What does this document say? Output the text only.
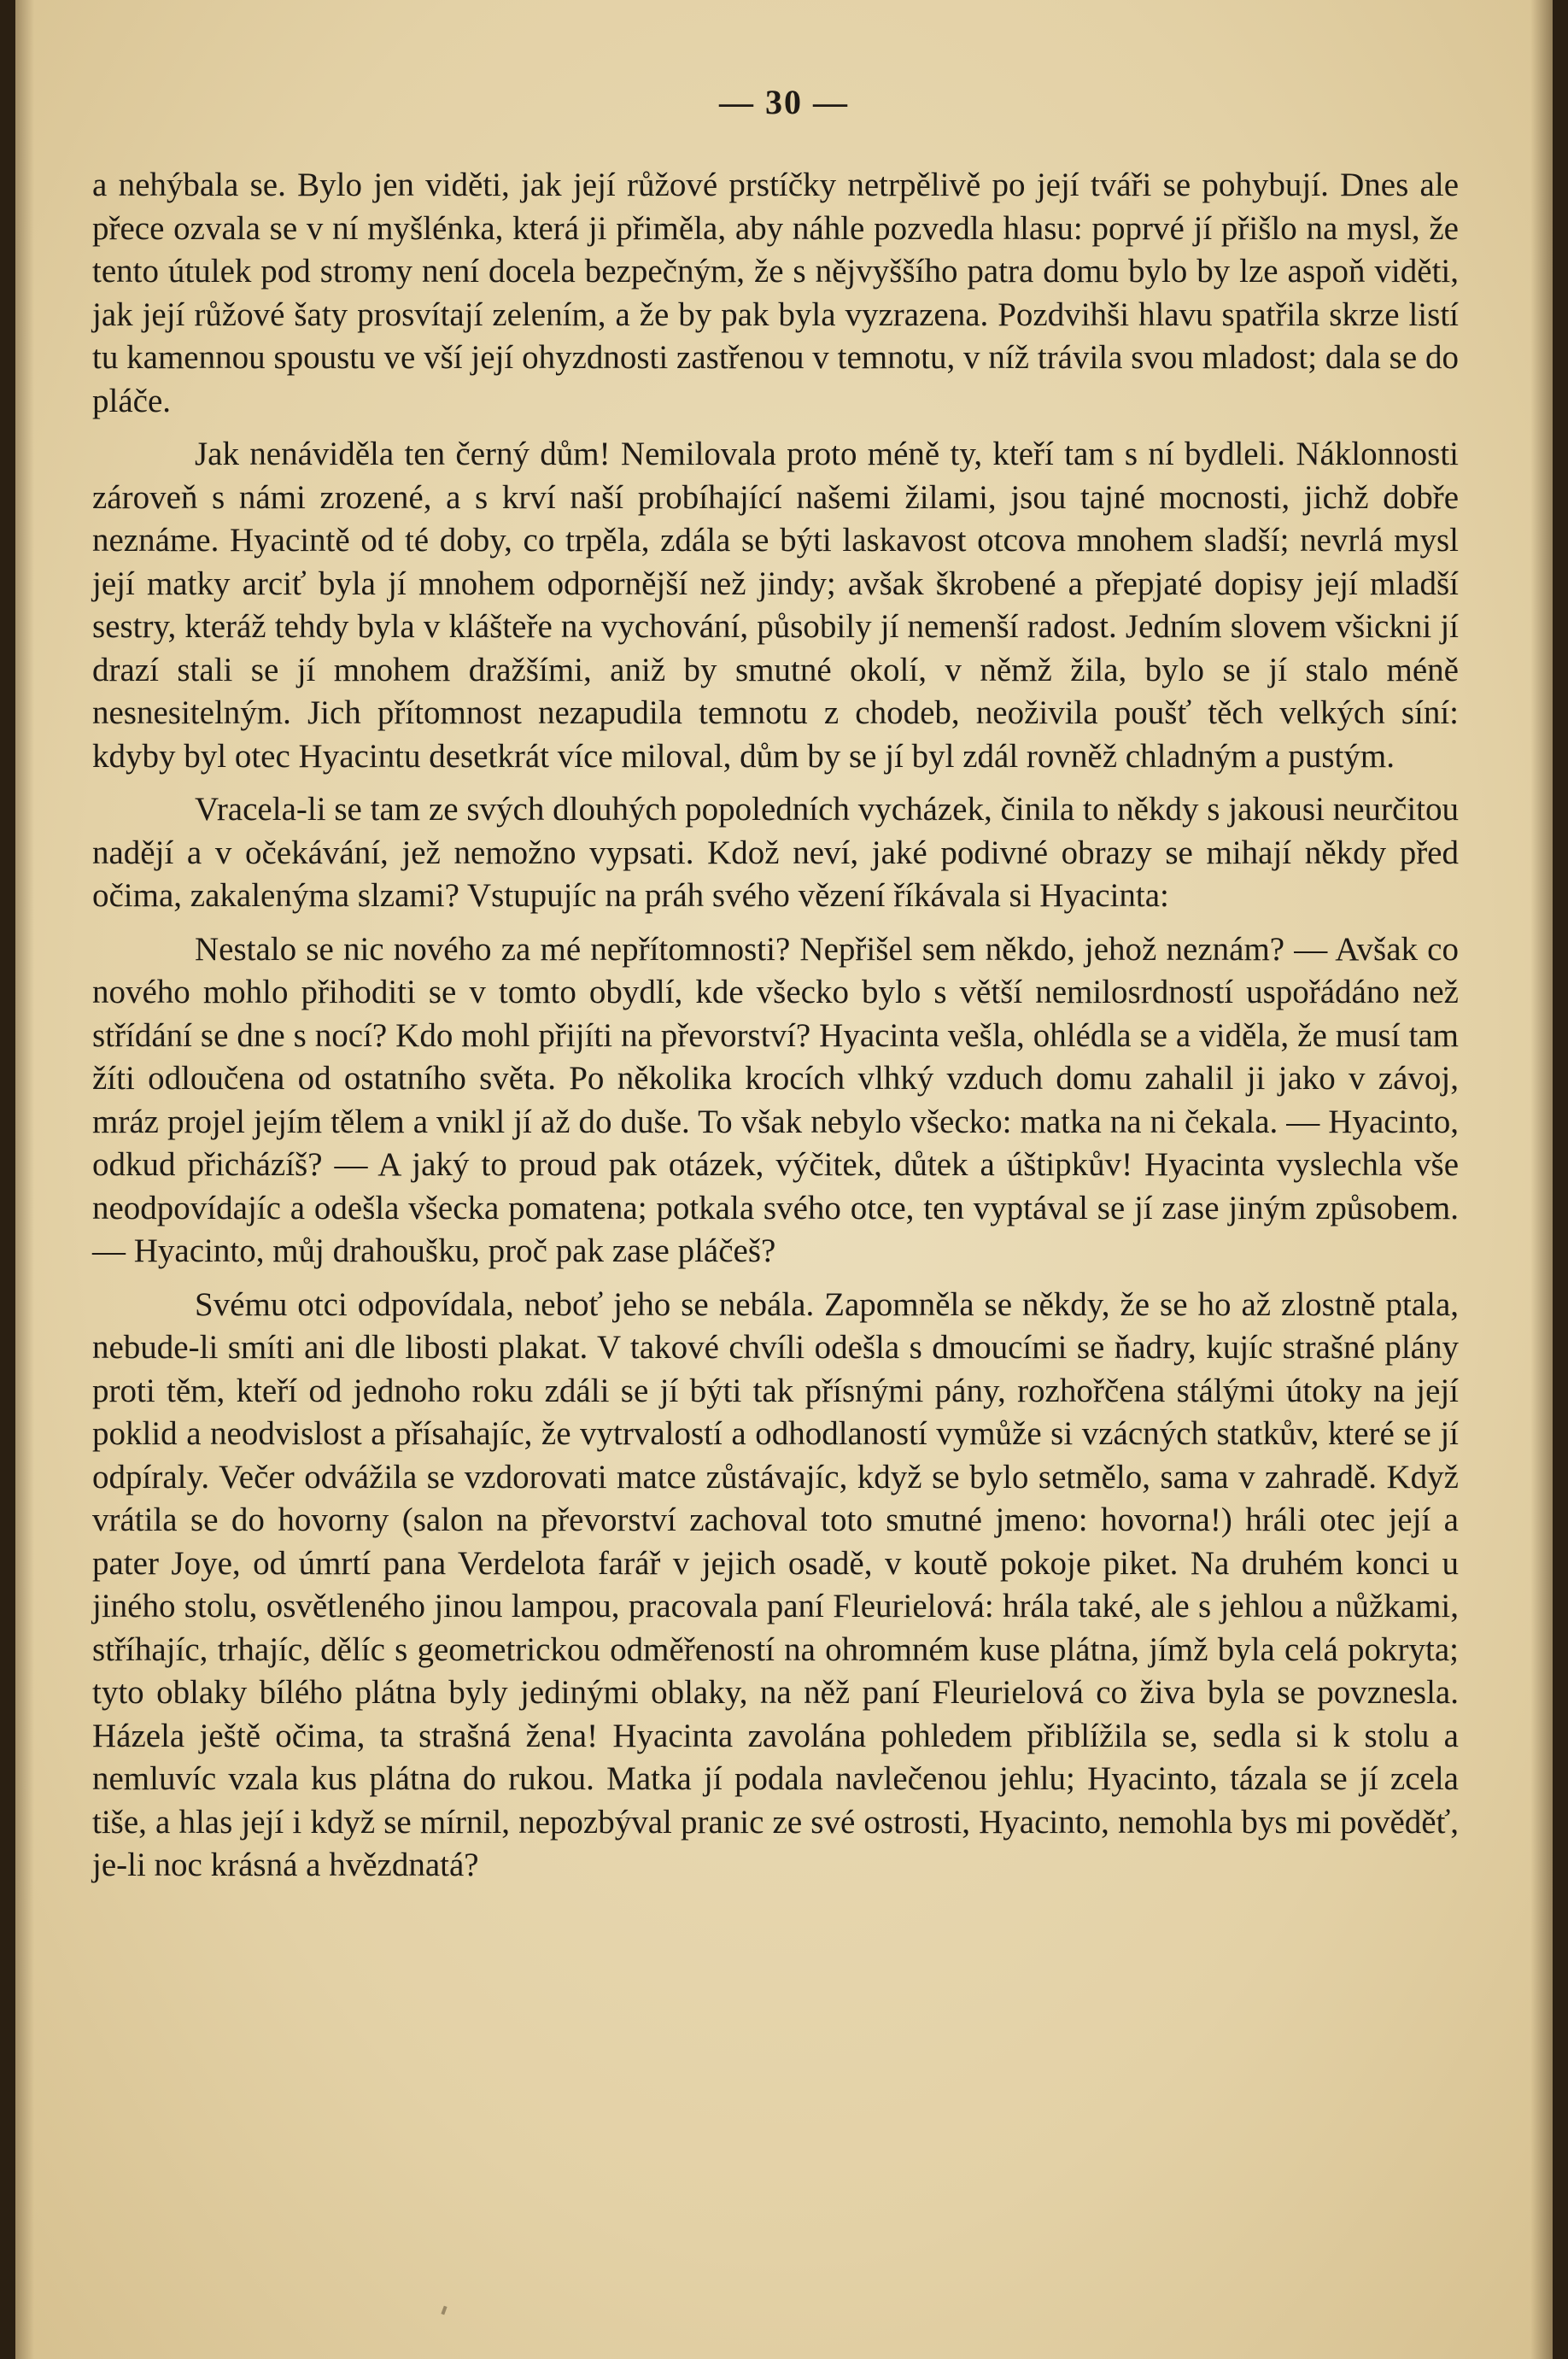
— 30 —

a nehýbala se. Bylo jen viděti, jak její růžové prstíčky netrpělivě po její tváři se pohybují. Dnes ale přece ozvala se v ní myšlénka, která ji přiměla, aby náhle pozvedla hlasu: poprvé jí přišlo na mysl, že tento útulek pod stromy není docela bezpečným, že s nějvyššího patra domu bylo by lze aspoň viděti, jak její růžové šaty prosvítají zelením, a že by pak byla vyzrazena. Pozdvihši hlavu spatřila skrze listí tu kamennou spoustu ve vší její ohyzdnosti zastřenou v temnotu, v níž trávila svou mladost; dala se do pláče.

Jak nenáviděla ten černý dům! Nemilovala proto méně ty, kteří tam s ní bydleli. Náklonnosti zároveň s námi zrozené, a s krví naší probíhající našemi žilami, jsou tajné mocnosti, jichž dobře neznáme. Hyacintě od té doby, co trpěla, zdála se býti laskavost otcova mnohem sladší; nevrlá mysl její matky arciť byla jí mnohem odpornější než jindy; avšak škrobené a přepjaté dopisy její mladší sestry, kteráž tehdy byla v klášteře na vychování, působily jí nemenší radost. Jedním slovem všickni jí drazí stali se jí mnohem dražšími, aniž by smutné okolí, v němž žila, bylo se jí stalo méně nesnesitelným. Jich přítomnost nezapudila temnotu z chodeb, neoživila poušť těch velkých síní: kdyby byl otec Hyacintu desetkrát více miloval, dům by se jí byl zdál rovněž chladným a pustým.

Vracela-li se tam ze svých dlouhých popoledních vycházek, činila to někdy s jakousi neurčitou nadějí a v očekávání, jež nemožno vypsati. Kdož neví, jaké podivné obrazy se mihají někdy před očima, zakalenýma slzami? Vstupujíc na práh svého vězení říkávala si Hyacinta:

Nestalo se nic nového za mé nepřítomnosti? Nepřišel sem někdo, jehož neznám? — Avšak co nového mohlo přihoditi se v tomto obydlí, kde všecko bylo s větší nemilosrdností uspořádáno než střídání se dne s nocí? Kdo mohl přijíti na převorství? Hyacinta vešla, ohlédla se a viděla, že musí tam žíti odloučena od ostatního světa. Po několika krocích vlhký vzduch domu zahalil ji jako v závoj, mráz projel jejím tělem a vnikl jí až do duše. To však nebylo všecko: matka na ni čekala. — Hyacinto, odkud přicházíš? — A jaký to proud pak otázek, výčitek, důtek a úštipkův! Hyacinta vyslechla vše neodpovídajíc a odešla všecka pomatena; potkala svého otce, ten vyptával se jí zase jiným způsobem. — Hyacinto, můj drahoušku, proč pak zase pláčeš?

Svému otci odpovídala, neboť jeho se nebála. Zapomněla se někdy, že se ho až zlostně ptala, nebude-li smíti ani dle libosti plakat. V takové chvíli odešla s dmoucími se ňadry, kujíc strašné plány proti těm, kteří od jednoho roku zdáli se jí býti tak přísnými pány, rozhořčena stálými útoky na její poklid a neodvislost a přísahajíc, že vytrvalostí a odhodlaností vymůže si vzácných statkův, které se jí odpíraly. Večer odvážila se vzdorovati matce zůstávajíc, když se bylo setmělo, sama v zahradě. Když vrátila se do hovorny (salon na převorství zachoval toto smutné jmeno: hovorna!) hráli otec její a pater Joye, od úmrtí pana Verdelota farář v jejich osadě, v koutě pokoje piket. Na druhém konci u jiného stolu, osvětleného jinou lampou, pracovala paní Fleurielová: hrála také, ale s jehlou a nůžkami, stříhajíc, trhajíc, dělíc s geometrickou odměřeností na ohromném kuse plátna, jímž byla celá pokryta; tyto oblaky bílého plátna byly jedinými oblaky, na něž paní Fleurielová co živa byla se povznesla. Házela ještě očima, ta strašná žena! Hyacinta zavolána pohledem přiblížila se, sedla si k stolu a nemluvíc vzala kus plátna do rukou. Matka jí podala navlečenou jehlu; Hyacinto, tázala se jí zcela tiše, a hlas její i když se mírnil, nepozbýval pranic ze své ostrosti, Hyacinto, nemohla bys mi pověděť, je-li noc krásná a hvězdnatá?
